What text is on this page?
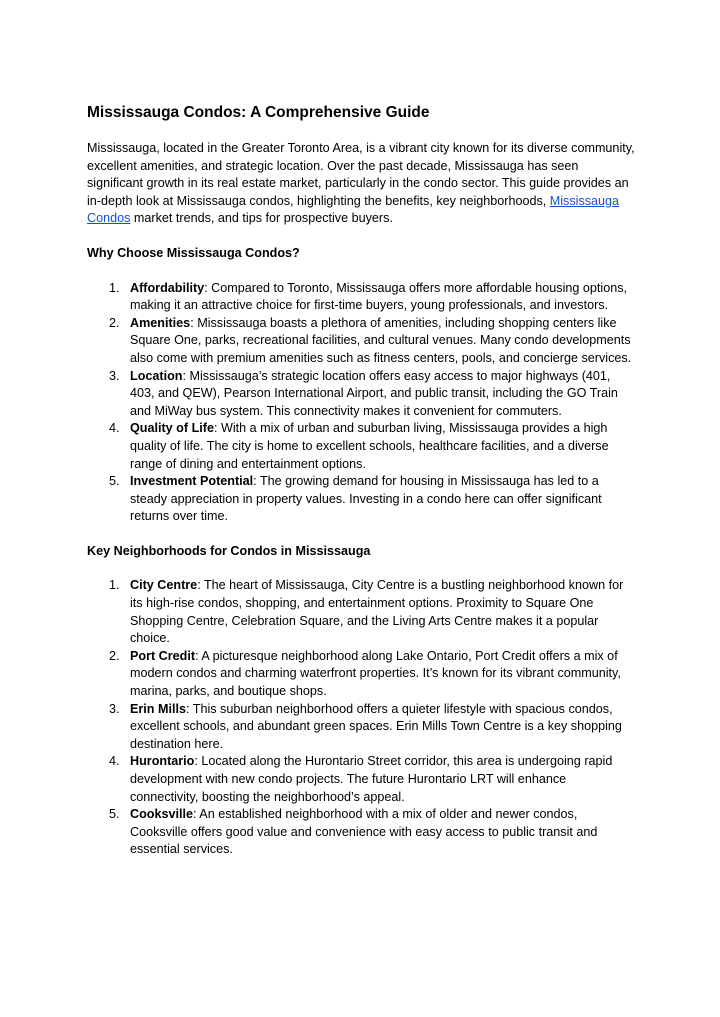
Mississauga Condos: A Comprehensive Guide

Mississauga, located in the Greater Toronto Area, is a vibrant city known for its diverse community, excellent amenities, and strategic location. Over the past decade, Mississauga has seen significant growth in its real estate market, particularly in the condo sector. This guide provides an in-depth look at Mississauga condos, highlighting the benefits, key neighborhoods, Mississauga Condos market trends, and tips for prospective buyers.

Why Choose Mississauga Condos?
1. Affordability: Compared to Toronto, Mississauga offers more affordable housing options, making it an attractive choice for first-time buyers, young professionals, and investors.
2. Amenities: Mississauga boasts a plethora of amenities, including shopping centers like Square One, parks, recreational facilities, and cultural venues. Many condo developments also come with premium amenities such as fitness centers, pools, and concierge services.
3. Location: Mississauga’s strategic location offers easy access to major highways (401, 403, and QEW), Pearson International Airport, and public transit, including the GO Train and MiWay bus system. This connectivity makes it convenient for commuters.
4. Quality of Life: With a mix of urban and suburban living, Mississauga provides a high quality of life. The city is home to excellent schools, healthcare facilities, and a diverse range of dining and entertainment options.
5. Investment Potential: The growing demand for housing in Mississauga has led to a steady appreciation in property values. Investing in a condo here can offer significant returns over time.
Key Neighborhoods for Condos in Mississauga
1. City Centre: The heart of Mississauga, City Centre is a bustling neighborhood known for its high-rise condos, shopping, and entertainment options. Proximity to Square One Shopping Centre, Celebration Square, and the Living Arts Centre makes it a popular choice.
2. Port Credit: A picturesque neighborhood along Lake Ontario, Port Credit offers a mix of modern condos and charming waterfront properties. It’s known for its vibrant community, marina, parks, and boutique shops.
3. Erin Mills: This suburban neighborhood offers a quieter lifestyle with spacious condos, excellent schools, and abundant green spaces. Erin Mills Town Centre is a key shopping destination here.
4. Hurontario: Located along the Hurontario Street corridor, this area is undergoing rapid development with new condo projects. The future Hurontario LRT will enhance connectivity, boosting the neighborhood’s appeal.
5. Cooksville: An established neighborhood with a mix of older and newer condos, Cooksville offers good value and convenience with easy access to public transit and essential services.
